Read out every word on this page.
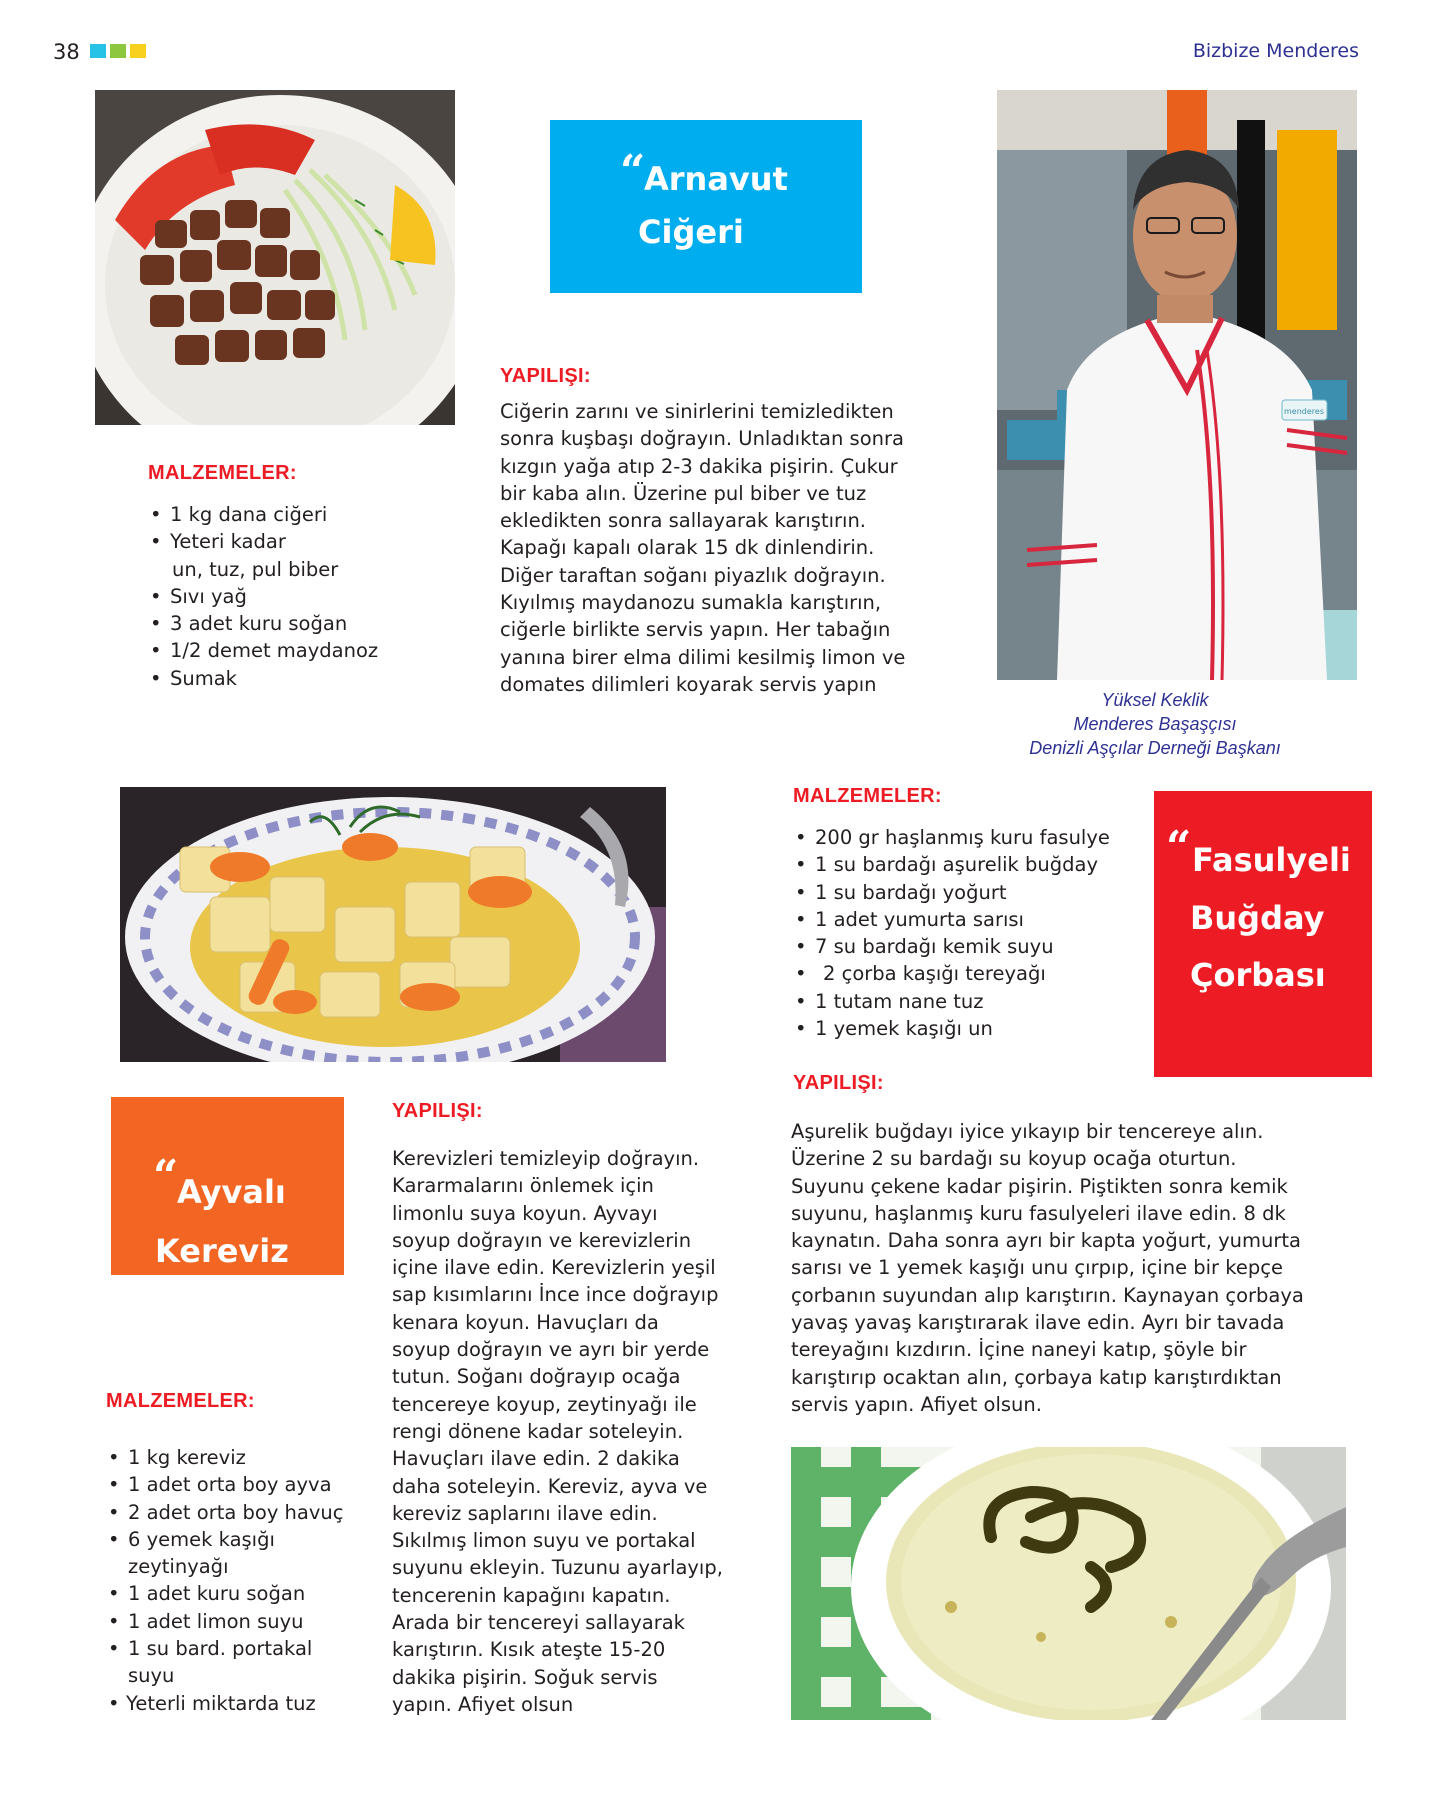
38	Bizbize Menderes
“
Arnavut
Ciğeri
menderes
Yüksel Keklik
Menderes Başaşçısı
Denizli Aşçılar Derneği Başkanı
YAPILIŞI:
Ciğerin zarını ve sinirlerini temizledikten
sonra kuşbaşı doğrayın. Unladıktan sonra
kızgın yağa atıp 2-3 dakika pişirin. Çukur
bir kaba alın. Üzerine pul biber ve tuz
ekledikten sonra sallayarak karıştırın.
Kapağı kapalı olarak 15 dk dinlendirin.
Diğer taraftan soğanı piyazlık doğrayın.
Kıyılmış maydanozu sumakla karıştırın,
ciğerle birlikte servis yapın. Her tabağın
yanına birer elma dilimi kesilmiş limon ve
domates dilimleri koyarak servis yapın
MALZEMELER:
• 1 kg dana ciğeri
• Yeteri kadar
un, tuz, pul biber
• Sıvı yağ
• 3 adet kuru soğan
• 1/2 demet maydanoz
• Sumak
MALZEMELER:
• 200 gr haşlanmış kuru fasulye
• 1 su bardağı aşurelik buğday
• 1 su bardağı yoğurt
• 1 adet yumurta sarısı
• 7 su bardağı kemik suyu
• 2 çorba kaşığı tereyağı
• 1 tutam nane tuz
• 1 yemek kaşığı un
“ Fasulyeli
Buğday
Çorbası
YAPILIŞI:
Aşurelik buğdayı iyice yıkayıp bir tencereye alın.
Üzerine 2 su bardağı su koyup ocağa oturtun.
Suyunu çekene kadar pişirin. Piştikten sonra kemik
suyunu, haşlanmış kuru fasulyeleri ilave edin. 8 dk
kaynatın. Daha sonra ayrı bir kapta yoğurt, yumurta
sarısı ve 1 yemek kaşığı unu çırpıp, içine bir kepçe
çorbanın suyundan alıp karıştırın. Kaynayan çorbaya
yavaş yavaş karıştırarak ilave edin. Ayrı bir tavada
tereyağını kızdırın. İçine naneyi katıp, şöyle bir
karıştırıp ocaktan alın, çorbaya katıp karıştırdıktan
servis yapın. Afiyet olsun.
“
Ayvalı
Kereviz
YAPILIŞI:
Kerevizleri temizleyip doğrayın.
Kararmalarını önlemek için
limonlu suya koyun. Ayvayı
soyup doğrayın ve kerevizlerin
içine ilave edin. Kerevizlerin yeşil
sap kısımlarını İnce ince doğrayıp
kenara koyun. Havuçları da
soyup doğrayın ve ayrı bir yerde
tutun. Soğanı doğrayıp ocağa
tencereye koyup, zeytinyağı ile
rengi dönene kadar soteleyin.
Havuçları ilave edin. 2 dakika
daha soteleyin. Kereviz, ayva ve
kereviz saplarını ilave edin.
Sıkılmış limon suyu ve portakal
suyunu ekleyin. Tuzunu ayarlayıp,
tencerenin kapağını kapatın.
Arada bir tencereyi sallayarak
karıştırın. Kısık ateşte 15-20
dakika pişirin. Soğuk servis
yapın. Afiyet olsun
MALZEMELER:
• 1 kg kereviz
• 1 adet orta boy ayva
• 2 adet orta boy havuç
• 6 yemek kaşığı
zeytinyağı
• 1 adet kuru soğan
• 1 adet limon suyu
• 1 su bard. portakal
suyu
• Yeterli miktarda tuz
